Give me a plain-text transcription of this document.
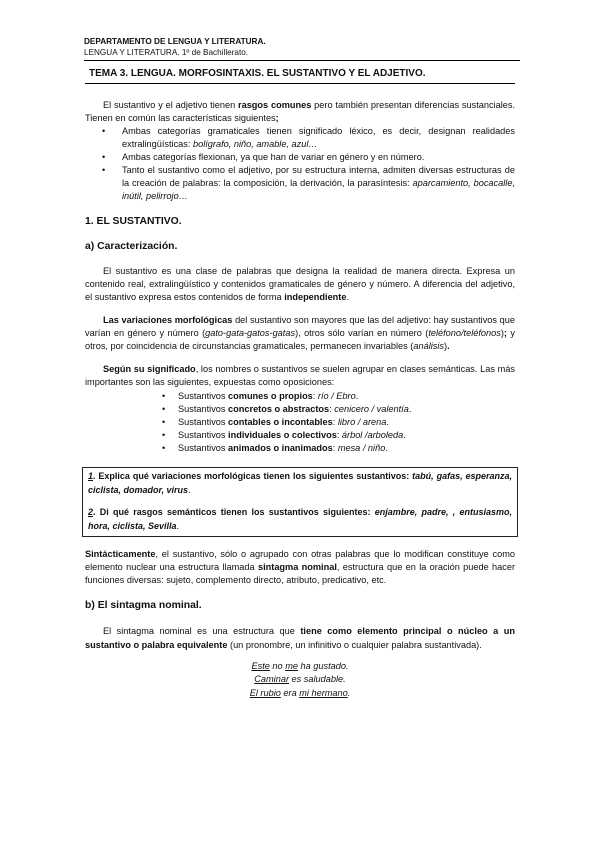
DEPARTAMENTO DE LENGUA Y LITERATURA.
LENGUA Y LITERATURA. 1º de Bachillerato.
TEMA 3. LENGUA. MORFOSINTAXIS. EL SUSTANTIVO Y EL ADJETIVO.

El sustantivo y el adjetivo tienen rasgos comunes pero también presentan diferencias sustanciales. Tienen en común las características siguientes;

• Ambas categorías gramaticales tienen significado léxico, es decir, designan realidades extralingüísticas: bolígrafo, niño, amable, azul…
• Ambas categorías flexionan, ya que han de variar en género y en número.
• Tanto el sustantivo como el adjetivo, por su estructura interna, admiten diversas estructuras de la creación de palabras: la composición, la derivación, la parasíntesis: aparcamiento, bocacalle, inútil, pelirrojo…
1. EL SUSTANTIVO.
a) Caracterización.

El sustantivo es una clase de palabras que designa la realidad de manera directa. Expresa un contenido real, extralingüístico y contenidos gramaticales de género y número. A diferencia del adjetivo, el sustantivo expresa estos contenidos de forma independiente.

Las variaciones morfológicas del sustantivo son mayores que las del adjetivo: hay sustantivos que varían en género y número (gato-gata-gatos-gatas), otros sólo varían en número (teléfono/teléfonos); y otros, por coincidencia de circunstancias gramaticales, permanecen invariables (análisis).

Según su significado, los nombres o sustantivos se suelen agrupar en clases semánticas. Las más importantes son las siguientes, expuestas como oposiciones:

• Sustantivos comunes o propios: río / Ebro.
• Sustantivos concretos o abstractos: cenicero / valentía.
• Sustantivos contables o incontables: libro / arena.
• Sustantivos individuales o colectivos: árbol /arboleda.
• Sustantivos animados o inanimados: mesa / niño.

1. Explica qué variaciones morfológicas tienen los siguientes sustantivos: tabú, gafas, esperanza, ciclista, domador, virus.

2. Di qué rasgos semánticos tienen los sustantivos siguientes: enjambre, padre, , entusiasmo, hora, ciclista, Sevilla.

Sintácticamente, el sustantivo, sólo o agrupado con otras palabras que lo modifican constituye como elemento nuclear una estructura llamada sintagma nominal, estructura que en la oración puede hacer funciones diversas: sujeto, complemento directo, atributo, predicativo, etc.

b) El sintagma nominal.

El sintagma nominal es una estructura que tiene como elemento principal o núcleo a un sustantivo o palabra equivalente (un pronombre, un infinitivo o cualquier palabra sustantivada).

Este no me ha gustado.
Caminar es saludable.
El rubio era mi hermano.
